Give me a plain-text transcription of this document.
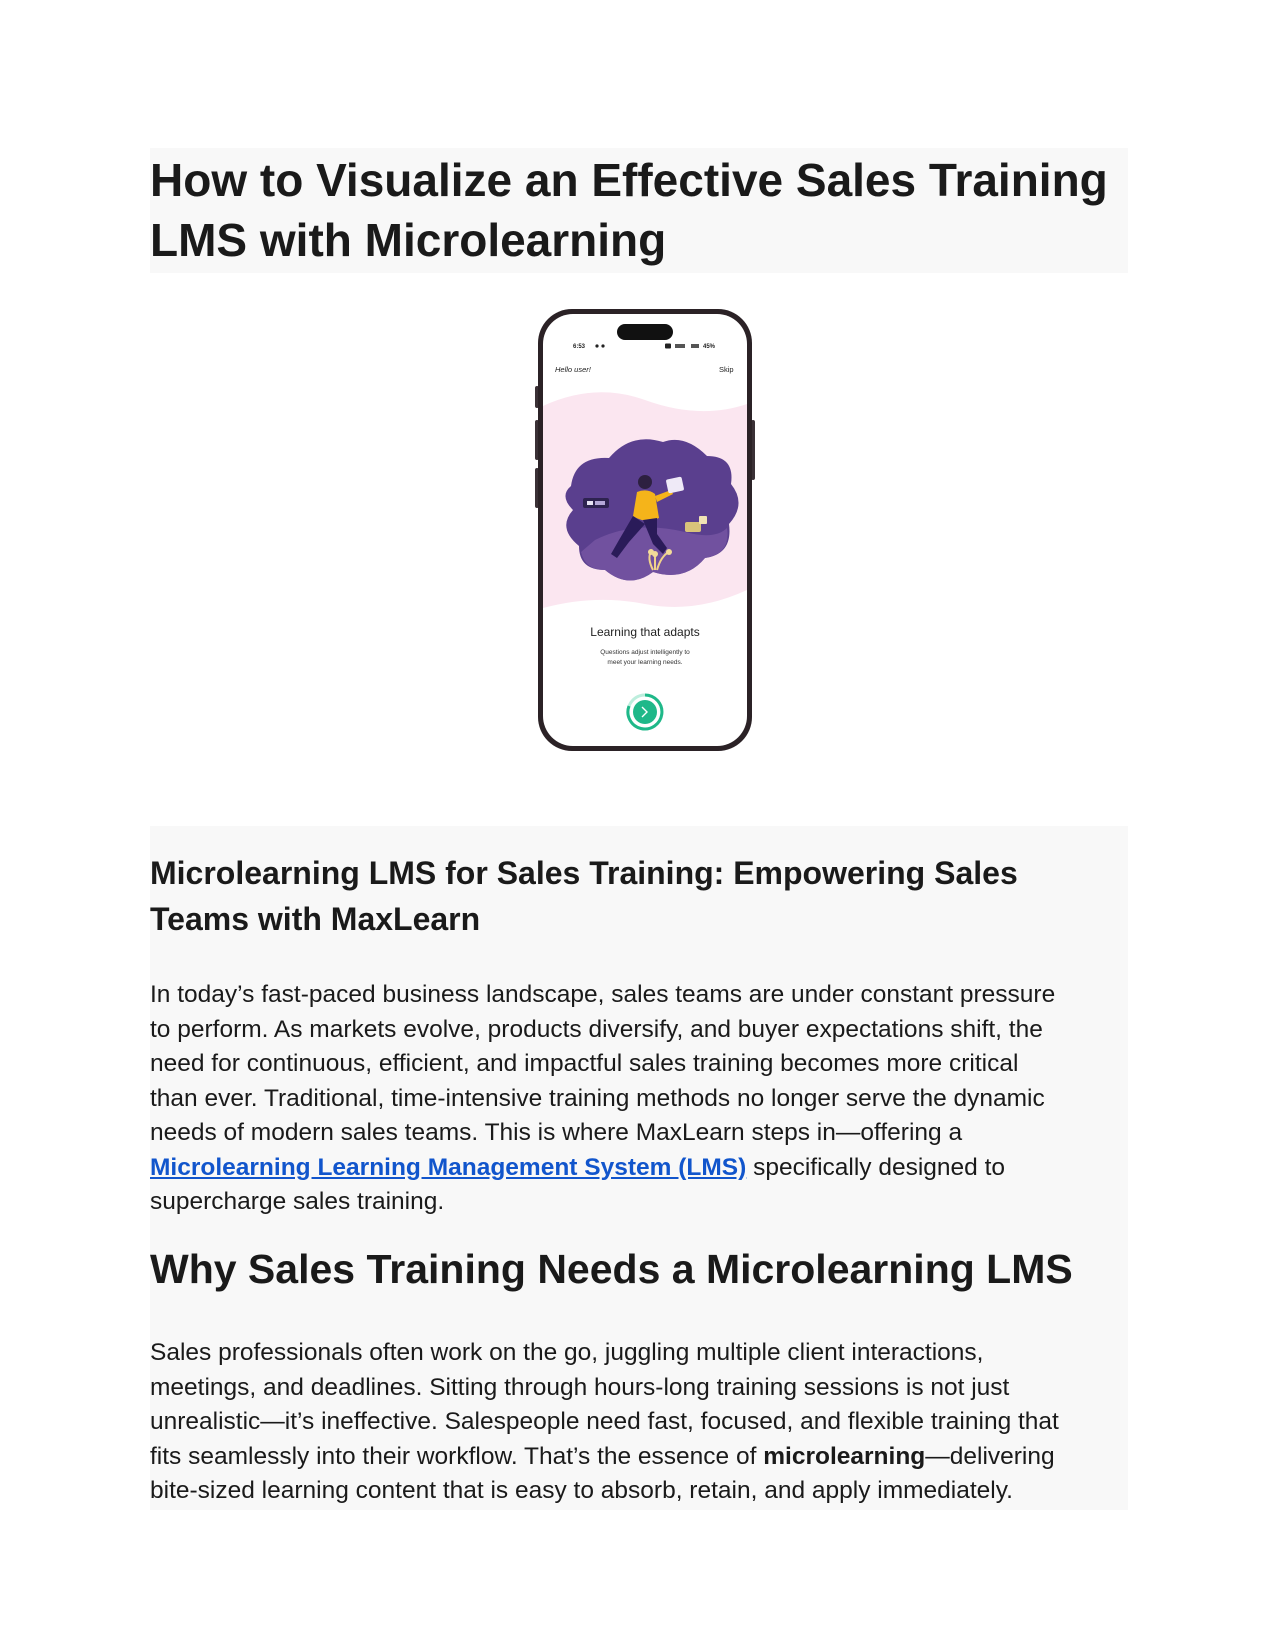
How to Visualize an Effective Sales Training
LMS with Microlearning
6:53	45%
Hello user!	Skip
Learning that adapts
Questions adjust intelligently to
meet your learning needs.
Microlearning LMS for Sales Training: Empowering Sales
Teams with MaxLearn

In today’s fast-paced business landscape, sales teams are under constant pressure
to perform. As markets evolve, products diversify, and buyer expectations shift, the
need for continuous, efficient, and impactful sales training becomes more critical
than ever. Traditional, time-intensive training methods no longer serve the dynamic
needs of modern sales teams. This is where MaxLearn steps in—offering a
Microlearning Learning Management System (LMS) specifically designed to
supercharge sales training.

Why Sales Training Needs a Microlearning LMS

Sales professionals often work on the go, juggling multiple client interactions,
meetings, and deadlines. Sitting through hours-long training sessions is not just
unrealistic—it’s ineffective. Salespeople need fast, focused, and flexible training that
fits seamlessly into their workflow. That’s the essence of microlearning—delivering
bite-sized learning content that is easy to absorb, retain, and apply immediately.
